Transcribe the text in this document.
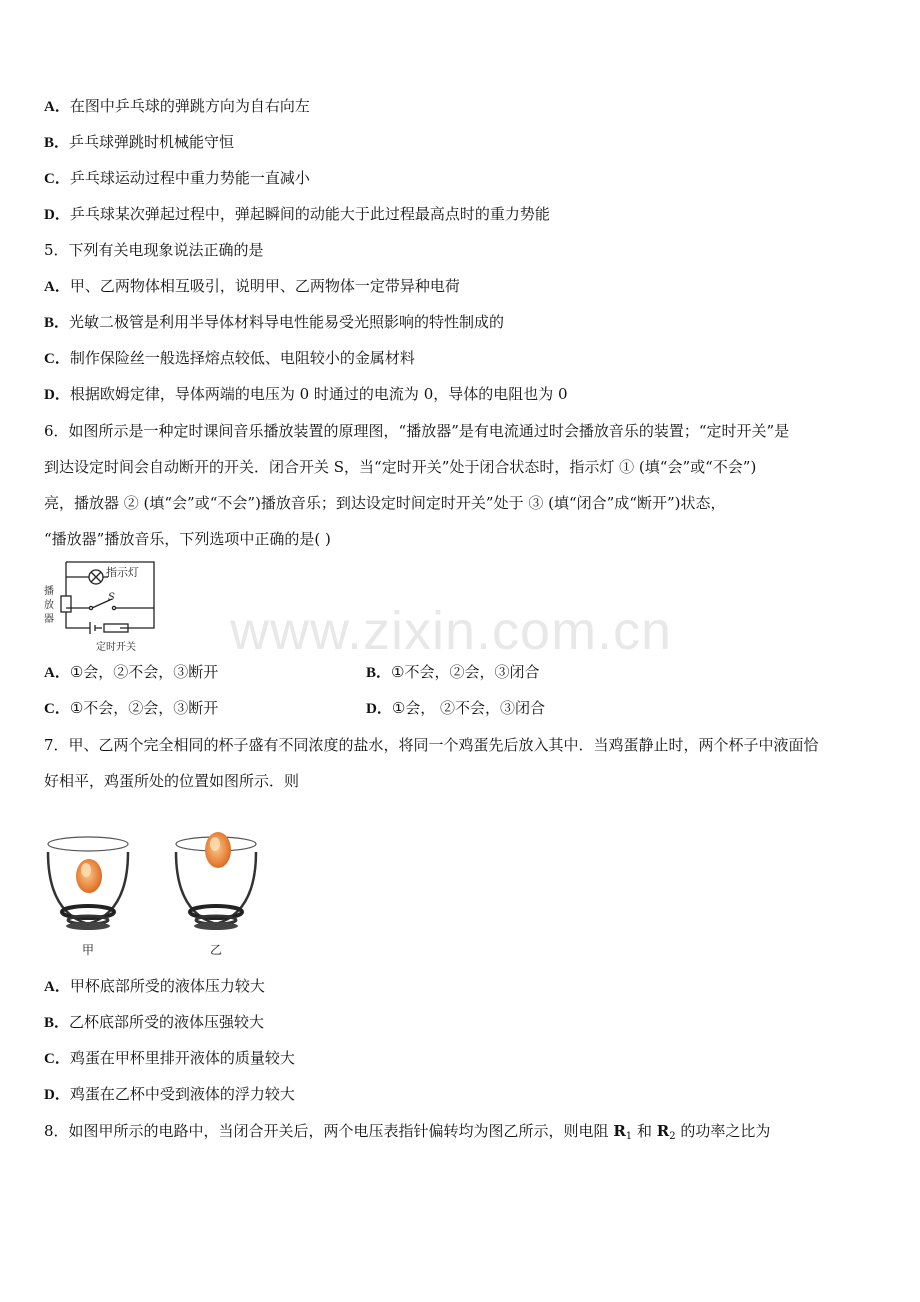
A．在图中乒乓球的弹跳方向为自右向左
B．乒乓球弹跳时机械能守恒
C．乒乓球运动过程中重力势能一直减小
D．乒乓球某次弹起过程中，弹起瞬间的动能大于此过程最高点时的重力势能
5．下列有关电现象说法正确的是
A．甲、乙两物体相互吸引，说明甲、乙两物体一定带异种电荷
B．光敏二极管是利用半导体材料导电性能易受光照影响的特性制成的
C．制作保险丝一般选择熔点较低、电阻较小的金属材料
D．根据欧姆定律，导体两端的电压为 0 时通过的电流为 0，导体的电阻也为 0
6．如图所示是一种定时课间音乐播放装置的原理图，“播放器”是有电流通过时会播放音乐的装置；“定时开关”是
到达设定时间会自动断开的开关．闭合开关 S，当“定时开关”处于闭合状态时，指示灯 ① (填“会”或“不会”)
亮，播放器 ② (填“会”或“不会”)播放音乐；到达设定时间定时开关”处于 ③ (填“闭合”成“断开”)状态，
“播放器”播放音乐，下列选项中正确的是( )
指示灯
S
播
放
器
定时开关
A．①会，②不会，③断开	B．①不会，②会，③闭合
C．①不会，②会，③断开	D．①会， ②不会，③闭合
7．甲、乙两个完全相同的杯子盛有不同浓度的盐水，将同一个鸡蛋先后放入其中．当鸡蛋静止时，两个杯子中液面恰
好相平，鸡蛋所处的位置如图所示．则
甲	乙
A．甲杯底部所受的液体压力较大
B．乙杯底部所受的液体压强较大
C．鸡蛋在甲杯里排开液体的质量较大
D．鸡蛋在乙杯中受到液体的浮力较大
8．如图甲所示的电路中，当闭合开关后，两个电压表指针偏转均为图乙所示，则电阻 $R_1$ 和 $R_2$ 的功率之比为
www.zixin.com.cn
